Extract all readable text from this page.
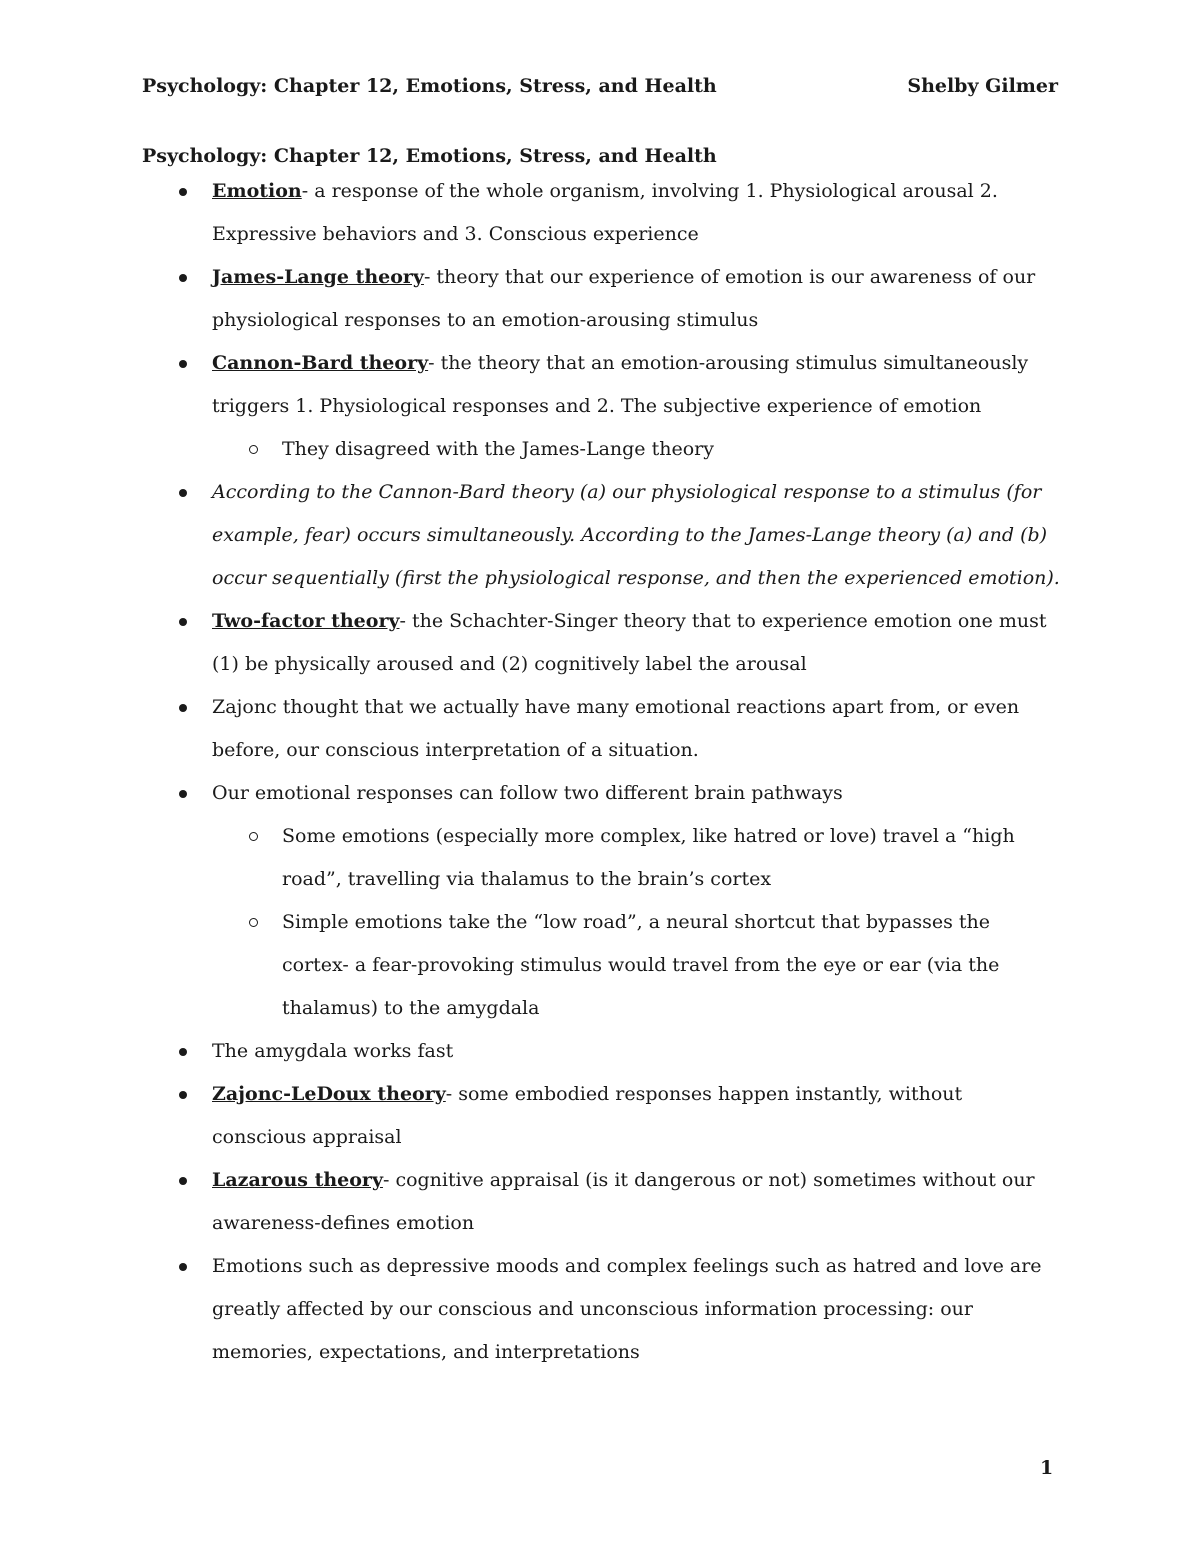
Psychology: Chapter 12, Emotions, Stress, and Health	Shelby Gilmer
Psychology: Chapter 12, Emotions, Stress, and Health
Emotion- a response of the whole organism, involving 1. Physiological arousal 2. Expressive behaviors and 3. Conscious experience
James-Lange theory- theory that our experience of emotion is our awareness of our physiological responses to an emotion-arousing stimulus
Cannon-Bard theory- the theory that an emotion-arousing stimulus simultaneously triggers 1. Physiological responses and 2. The subjective experience of emotion
They disagreed with the James-Lange theory
According to the Cannon-Bard theory (a) our physiological response to a stimulus (for example, fear) occurs simultaneously. According to the James-Lange theory (a) and (b) occur sequentially (first the physiological response, and then the experienced emotion).
Two-factor theory- the Schachter-Singer theory that to experience emotion one must (1) be physically aroused and (2) cognitively label the arousal
Zajonc thought that we actually have many emotional reactions apart from, or even before, our conscious interpretation of a situation.
Our emotional responses can follow two different brain pathways
Some emotions (especially more complex, like hatred or love) travel a “high road”, travelling via thalamus to the brain’s cortex
Simple emotions take the “low road”, a neural shortcut that bypasses the cortex- a fear-provoking stimulus would travel from the eye or ear (via the thalamus) to the amygdala
The amygdala works fast
Zajonc-LeDoux theory- some embodied responses happen instantly, without conscious appraisal
Lazarous theory- cognitive appraisal (is it dangerous or not) sometimes without our awareness-defines emotion
Emotions such as depressive moods and complex feelings such as hatred and love are greatly affected by our conscious and unconscious information processing: our memories, expectations, and interpretations
1
